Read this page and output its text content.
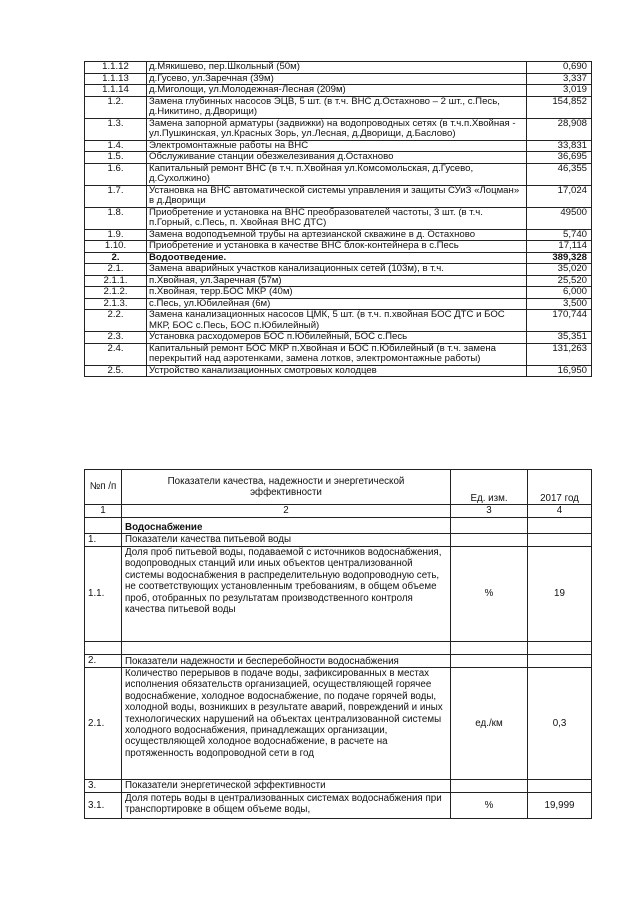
1.1.12	д.Мякишево, пер.Школьный (50м)	0,690
1.1.13	д.Гусево, ул.Заречная (39м)	3,337
1.1.14	д.Миголощи, ул.Молодежная-Лесная (209м)	3,019
1.2.	Замена глубинных насосов ЭЦВ, 5 шт. (в т.ч. ВНС д.Остахново – 2 шт., с.Песь, д.Никитино, д.Дворищи)	154,852
1.3.	Замена запорной арматуры (задвижки) на водопроводных сетях (в т.ч.п.Хвойная - ул.Пушкинская, ул.Красных Зорь, ул.Лесная, д.Дворищи, д.Баслово)	28,908
1.4.	Электромонтажные работы на ВНС	33,831
1.5.	Обслуживание станции обезжелезивания д.Остахново	36,695
1.6.	Капитальный ремонт ВНС (в т.ч. п.Хвойная ул.Комсомольская, д.Гусево, д.Сухолжино)	46,355
1.7.	Установка на ВНС автоматической системы управления и защиты СУиЗ «Лоцман» в д.Дворищи	17,024
1.8.	Приобретение и установка на ВНС преобразователей частоты, 3 шт. (в т.ч. п.Горный, с.Песь, п. Хвойная ВНС ДТС)	49500
1.9.	Замена водоподъемной трубы на артезианской скважине в д. Остахново	5,740
1.10.	Приобретение и установка в качестве ВНС блок-контейнера в с.Песь	17,114
2.	Водоотведение.	389,328
2.1.	Замена аварийных участков канализационных сетей (103м), в т.ч.	35,020
2.1.1.	п.Хвойная, ул.Заречная (57м)	25,520
2.1.2.	п.Хвойная, терр.БОС МКР (40м)	6,000
2.1.3.	с.Песь, ул.Юбилейная (6м)	3,500
2.2.	Замена канализационных насосов ЦМК, 5 шт. (в т.ч. п.хвойная БОС ДТС и БОС МКР, БОС с.Песь, БОС п.Юбилейный)	170,744
2.3.	Установка расходомеров БОС п.Юбилейный, БОС с.Песь	35,351
2.4.	Капитальный ремонт БОС МКР п.Хвойная и БОС п.Юбилейный (в т.ч. замена перекрытий над аэротенками, замена лотков, электромонтажные работы)	131,263
2.5.	Устройство канализационных смотровых колодцев	16,950
№п /п	Показатели качества, надежности и энергетической эффективности	Ед. изм.	2017 год
1	2	3	4
	Водоснабжение		
1.	Показатели качества питьевой воды		
1.1.	Доля проб питьевой воды, подаваемой с источников водоснабжения, водопроводных станций или иных объектов централизованной системы водоснабжения в распределительную водопроводную сеть, не соответствующих установленным требованиям, в общем объеме проб, отобранных по результатам производственного контроля качества питьевой воды	%	19

2.	Показатели надежности и бесперебойности водоснабжения		
2.1.	Количество перерывов в подаче воды, зафиксированных в местах исполнения обязательств организацией, осуществляющей горячее водоснабжение, холодное водоснабжение, по подаче горячей воды, холодной воды, возникших в результате аварий, повреждений и иных технологических нарушений на объектах централизованной системы холодного водоснабжения, принадлежащих организации, осуществляющей холодное водоснабжение, в расчете на протяженность водопроводной сети в год	ед./км	0,3
3.	Показатели энергетической эффективности		
3.1.	Доля потерь воды в централизованных системах водоснабжения при транспортировке в общем объеме воды,	%	19,999
